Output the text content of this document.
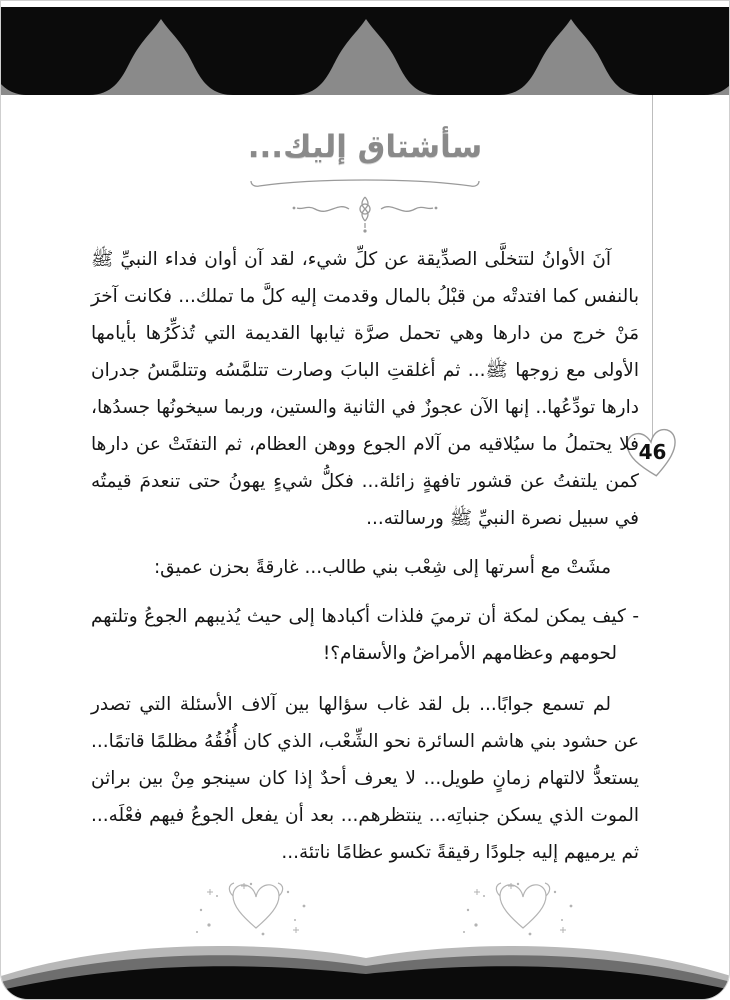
سأشتاق إليك...
46

آنَ الأوانُ لتتخلَّى الصدِّيقة عن كلِّ شيء، لقد آن أوان فداء النبيِّ ﷺ بالنفس كما افتدتْه من قبْلُ بالمال وقدمت إليه كلَّ ما تملك... فكانت آخرَ مَنْ خرج من دارها وهي تحمل صرَّة ثيابها القديمة التي تُذكِّرُها بأيامها الأولى مع زوجها ﷺ... ثم أغلقتِ البابَ وصارت تتلمَّسُه وتتلمَّسُ جدران دارها تودِّعُها.. إنها الآن عجوزٌ في الثانية والستين، وربما سيخونُها جسدُها، فلا يحتملُ ما سيُلاقيه من آلام الجوع ووهن العظام، ثم التفتَتْ عن دارها كمن يلتفتُ عن قشور تافهةٍ زائلة... فكلُّ شيءٍ يهونُ حتى تنعدمَ قيمتُه في سبيل نصرة النبيِّ ﷺ ورسالته...

مشَتْ مع أسرتها إلى شِعْب بني طالب... غارقةً بحزن عميق:

- كيف يمكن لمكة أن ترميَ فلذات أكبادها إلى حيث يُذيبهم الجوعُ وتلتهم لحومهم وعظامهم الأمراضُ والأسقام؟!

لم تسمع جوابًا... بل لقد غاب سؤالها بين آلاف الأسئلة التي تصدر عن حشود بني هاشم السائرة نحو الشِّعْب، الذي كان أُفُقُهُ مظلمًا قاتمًا... يستعدُّ لالتهام زمانٍ طويل... لا يعرف أحدٌ إذا كان سينجو مِنْ بين براثن الموت الذي يسكن جنباتِه... ينتظرهم... بعد أن يفعل الجوعُ فيهم فعْلَه... ثم يرميهم إليه جلودًا رقيقةً تكسو عظامًا ناتئة...
